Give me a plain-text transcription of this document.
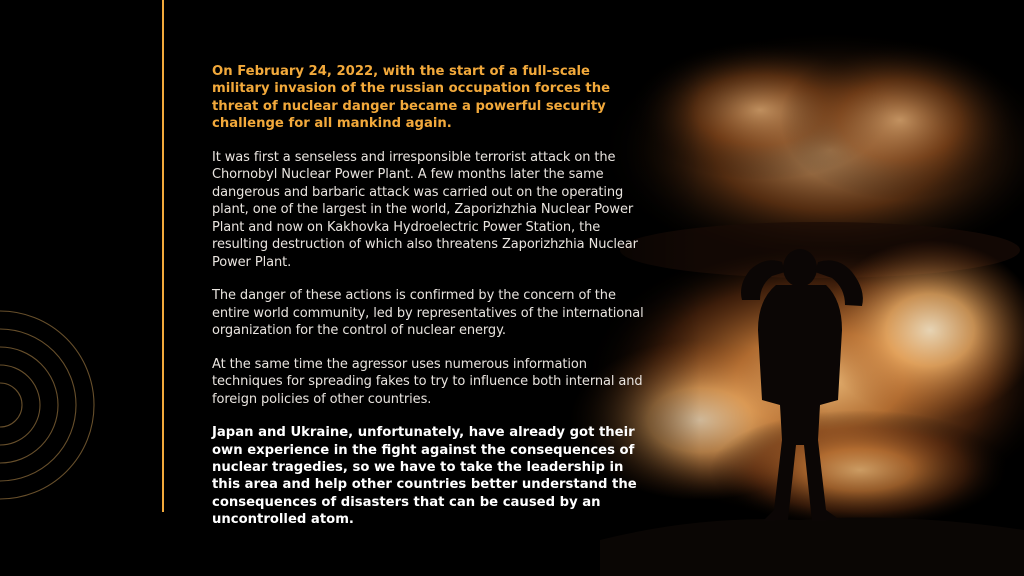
On February 24, 2022, with the start of a full-scale military invasion of the russian occupation forces the threat of nuclear danger became a powerful security challenge for all mankind again.

It was first a senseless and irresponsible terrorist attack on the Chornobyl Nuclear Power Plant. A few months later the same dangerous and barbaric attack was carried out on the operating plant, one of the largest in the world, Zaporizhzhia Nuclear Power Plant and now on Kakhovka Hydroelectric Power Station, the resulting destruction of which also threatens Zaporizhzhia Nuclear Power Plant.

The danger of these actions is confirmed by the concern of the entire world community, led by representatives of the international organization for the control of nuclear energy.

At the same time the agressor uses numerous information techniques for spreading fakes to try to influence both internal and foreign policies of other countries.

Japan and Ukraine, unfortunately, have already got their own experience in the fight against the consequences of nuclear tragedies, so we have to take the leadership in this area and help other countries better understand the consequences of disasters that can be caused by an uncontrolled atom.
